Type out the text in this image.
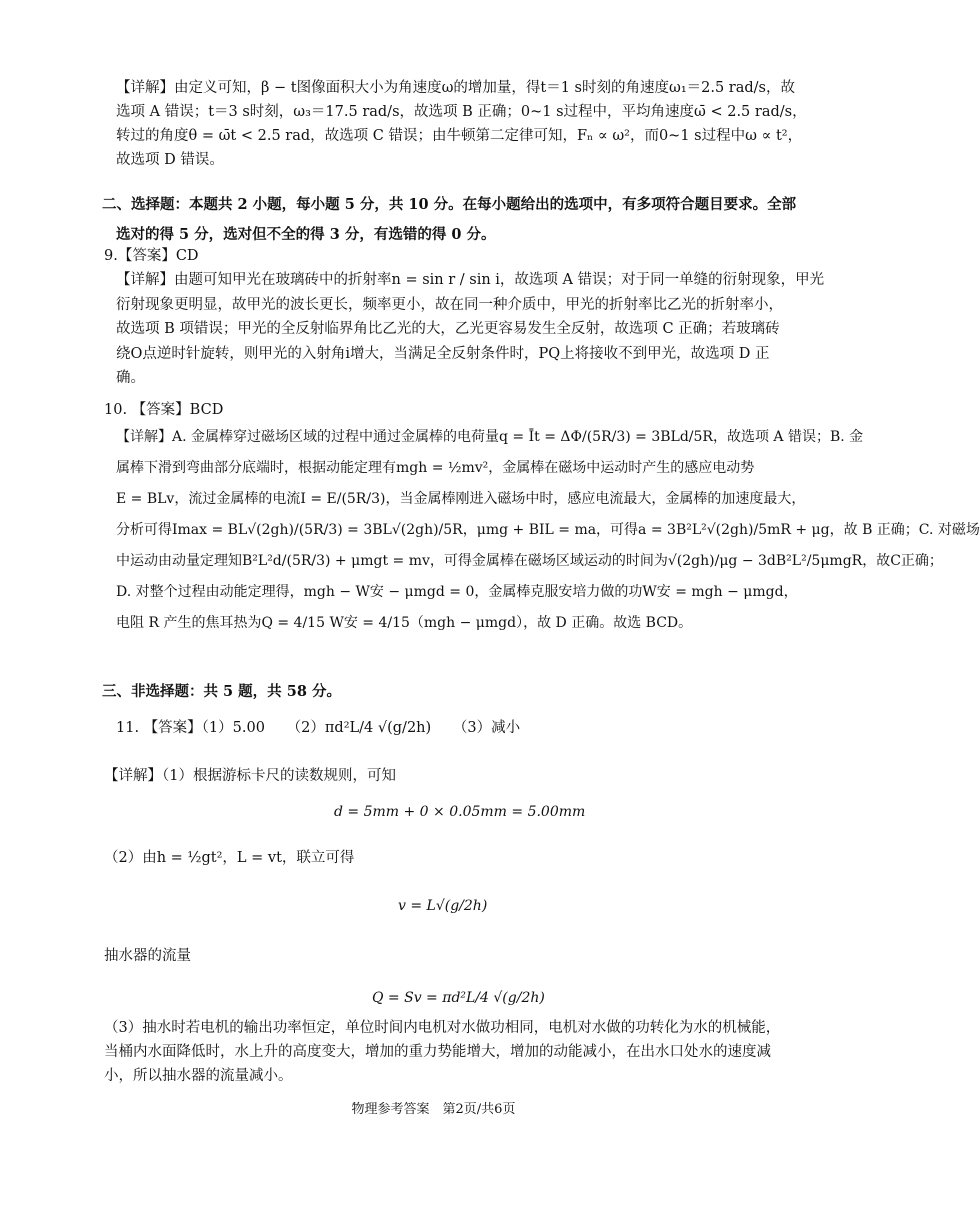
【详解】由定义可知，β − t图像面积大小为角速度ω的增加量，得t＝1 s时刻的角速度ω₁＝2.5 rad/s，故
选项 A 错误；t＝3 s时刻，ω₃＝17.5 rad/s，故选项 B 正确；0~1 s过程中，平均角速度ω̄ < 2.5 rad/s，
转过的角度θ = ω̄t < 2.5 rad，故选项 C 错误；由牛顿第二定律可知，Fₙ ∝ ω²，而0~1 s过程中ω ∝ t²，
故选项 D 错误。
二、选择题：本题共 2 小题，每小题 5 分，共 10 分。在每小题给出的选项中，有多项符合题目要求。全部
选对的得 5 分，选对但不全的得 3 分，有选错的得 0 分。
9.【答案】CD
【详解】由题可知甲光在玻璃砖中的折射率n = sin r / sin i，故选项 A 错误；对于同一单缝的衍射现象，甲光
衍射现象更明显，故甲光的波长更长，频率更小，故在同一种介质中，甲光的折射率比乙光的折射率小，
故选项 B 项错误；甲光的全反射临界角比乙光的大，乙光更容易发生全反射，故选项 C 正确；若玻璃砖
绕O点逆时针旋转，则甲光的入射角i增大，当满足全反射条件时，PQ上将接收不到甲光，故选项 D 正
确。
10. 【答案】BCD
【详解】A. 金属棒穿过磁场区域的过程中通过金属棒的电荷量q = Īt = ΔΦ/(5R/3) = 3BLd/5R，故选项 A 错误；B. 金
属棒下滑到弯曲部分底端时，根据动能定理有mgh = ½mv²，金属棒在磁场中运动时产生的感应电动势
E = BLv，流过金属棒的电流I = E/(5R/3)，当金属棒刚进入磁场中时，感应电流最大，金属棒的加速度最大，
分析可得Imax = BL√(2gh)/(5R/3) = 3BL√(2gh)/5R，μmg + BIL = ma，可得a = 3B²L²√(2gh)/5mR + μg，故 B 正确；C. 对磁场
中运动由动量定理知B²L²d/(5R/3) + μmgt = mv，可得金属棒在磁场区域运动的时间为√(2gh)/μg − 3dB²L²/5μmgR，故C正确；
D. 对整个过程由动能定理得，mgh − W安 − μmgd = 0，金属棒克服安培力做的功W安 = mgh − μmgd，
电阻 R 产生的焦耳热为Q = 4/15 W安 = 4/15（mgh − μmgd），故 D 正确。故选 BCD。
三、非选择题：共 5 题，共 58 分。
11. 【答案】（1）5.00　　（2）πd²L/4 √(g/2h)　　（3）减小
【详解】（1）根据游标卡尺的读数规则，可知
d = 5mm + 0 × 0.05mm = 5.00mm
（2）由h = ½gt²，L = vt，联立可得
v = L√(g/2h)
抽水器的流量
Q = Sv = πd²L/4 √(g/2h)
（3）抽水时若电机的输出功率恒定，单位时间内电机对水做功相同，电机对水做的功转化为水的机械能，
当桶内水面降低时，水上升的高度变大，增加的重力势能增大，增加的动能减小，在出水口处水的速度减
小，所以抽水器的流量减小。
物理参考答案　第2页/共6页
